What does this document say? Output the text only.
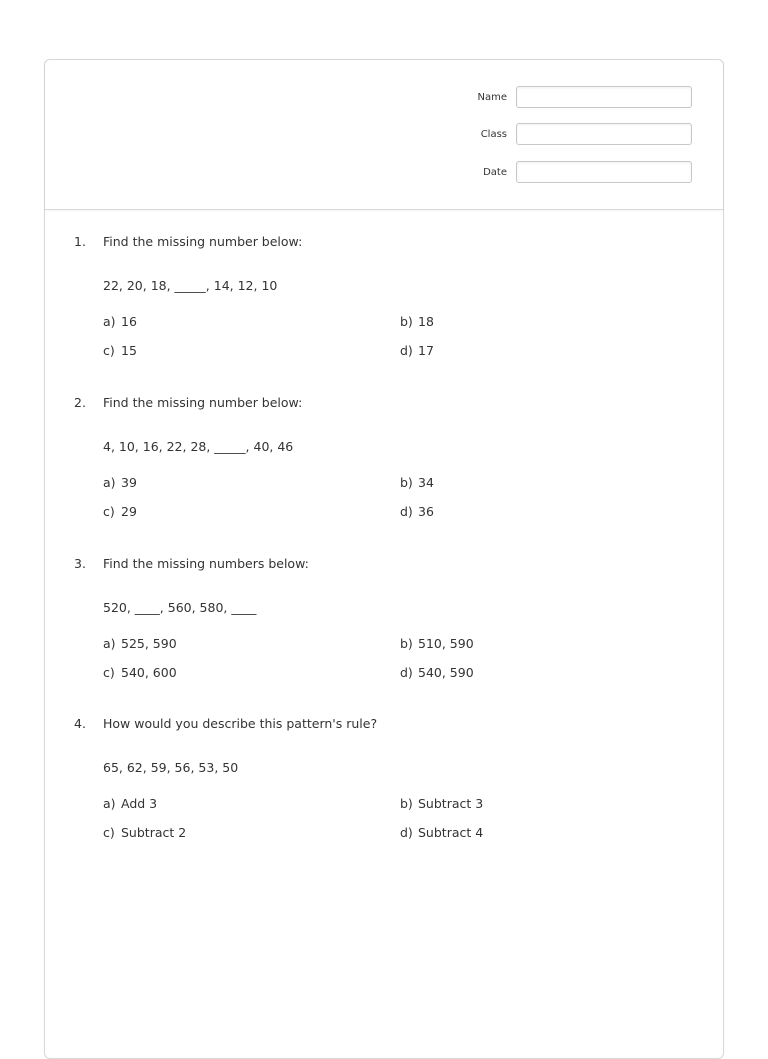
Name
Class
Date
1.	Find the missing number below:
22, 20, 18, _____, 14, 12, 10
a) 16	b) 18
c) 15	d) 17
2.	Find the missing number below:
4, 10, 16, 22, 28, _____, 40, 46
a) 39	b) 34
c) 29	d) 36
3.	Find the missing numbers below:
520, ____, 560, 580, ____
a) 525, 590	b) 510, 590
c) 540, 600	d) 540, 590
4.	How would you describe this pattern's rule?
65, 62, 59, 56, 53, 50
a) Add 3	b) Subtract 3
c) Subtract 2	d) Subtract 4
